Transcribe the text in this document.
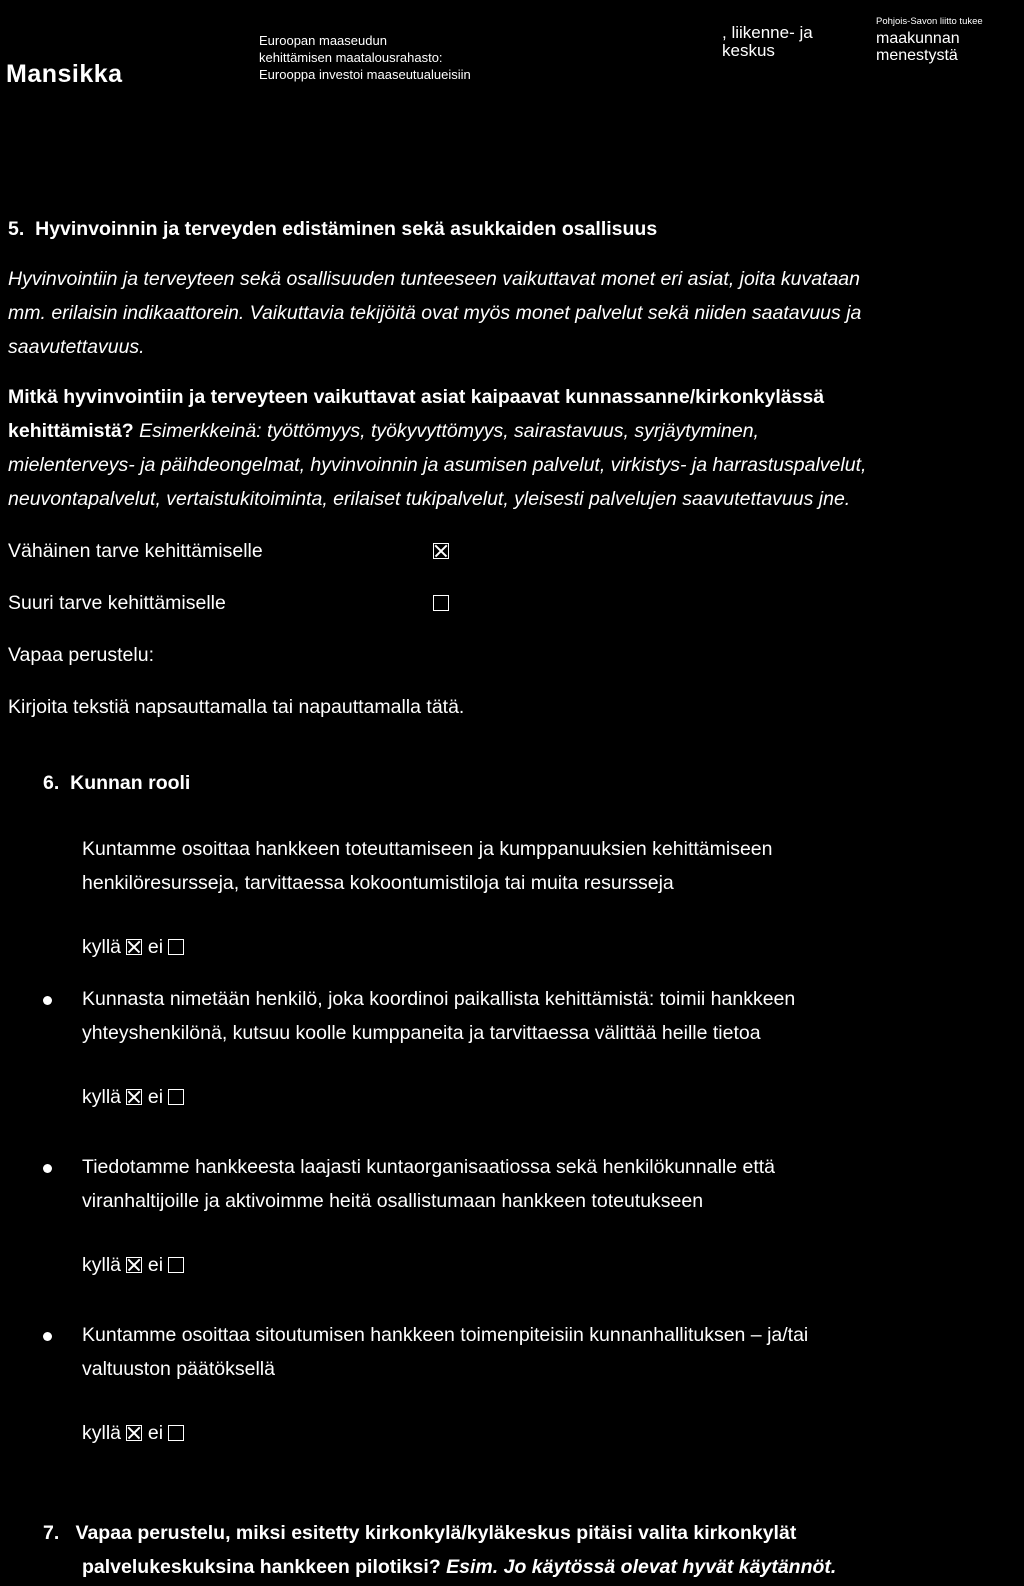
Mansikka
Euroopan maaseudun
kehittämisen maatalousrahasto:
Eurooppa investoi maaseutualueisiin
, liikenne- ja
keskus
Pohjois-Savon liitto tukee
maakunnan
menestystä
5. Hyvinvoinnin ja terveyden edistäminen sekä asukkaiden osallisuus
Hyvinvointiin ja terveyteen sekä osallisuuden tunteeseen vaikuttavat monet eri asiat, joita kuvataan
mm. erilaisin indikaattorein. Vaikuttavia tekijöitä ovat myös monet palvelut sekä niiden saatavuus ja
saavutettavuus.
Mitkä hyvinvointiin ja terveyteen vaikuttavat asiat kaipaavat kunnassanne/kirkonkylässä
kehittämistä? Esimerkkeinä: työttömyys, työkyvyttömyys, sairastavuus, syrjäytyminen,
mielenterveys- ja päihdeongelmat, hyvinvoinnin ja asumisen palvelut, virkistys- ja harrastuspalvelut,
neuvontapalvelut, vertaistukitoiminta, erilaiset tukipalvelut, yleisesti palvelujen saavutettavuus jne.
Vähäinen tarve kehittämiselle
Suuri tarve kehittämiselle
Vapaa perustelu:
Kirjoita tekstiä napsauttamalla tai napauttamalla tätä.
6. Kunnan rooli
Kuntamme osoittaa hankkeen toteuttamiseen ja kumppanuuksien kehittämiseen
henkilöresursseja, tarvittaessa kokoontumistiloja tai muita resursseja
kyllä

ei

Kunnasta nimetään henkilö, joka koordinoi paikallista kehittämistä: toimii hankkeen
yhteyshenkilönä, kutsuu koolle kumppaneita ja tarvittaessa välittää heille tietoa
kyllä

ei

Tiedotamme hankkeesta laajasti kuntaorganisaatiossa sekä henkilökunnalle että
viranhaltijoille ja aktivoimme heitä osallistumaan hankkeen toteutukseen
kyllä

ei

Kuntamme osoittaa sitoutumisen hankkeen toimenpiteisiin kunnanhallituksen – ja/tai
valtuuston päätöksellä
kyllä

ei

7. Vapaa perustelu, miksi esitetty kirkonkylä/kyläkeskus pitäisi valita kirkonkylät
palvelukeskuksina hankkeen pilotiksi? Esim. Jo käytössä olevat hyvät käytännöt.
